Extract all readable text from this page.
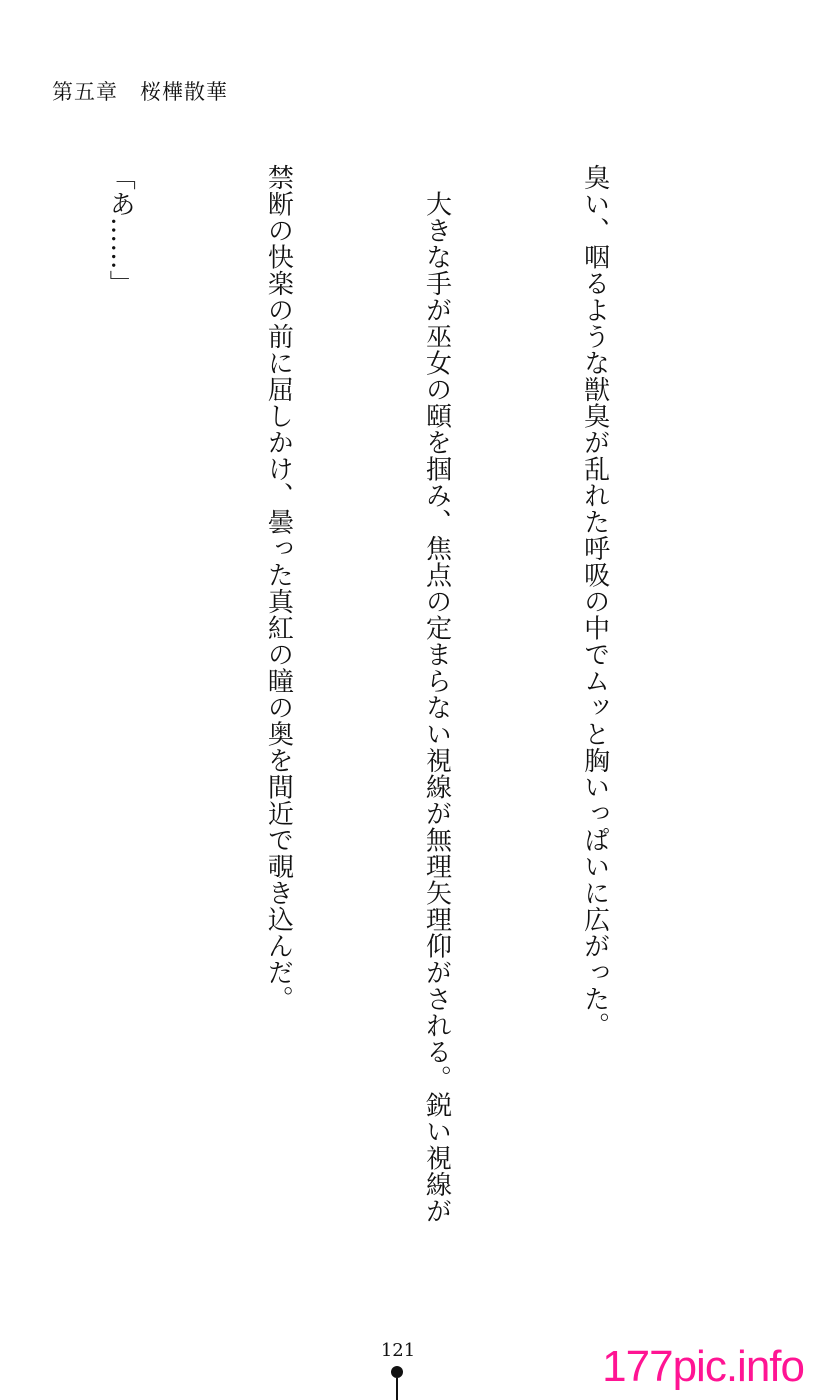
第五章　桜樺散華

臭い、咽るような獣臭が乱れた呼吸の中でムッと胸いっぱいに広がった。

　大きな手が巫女の頤を掴み、焦点の定まらない視線が無理矢理仰がされる。鋭い視線が

禁断の快楽の前に屈しかけ、曇った真紅の瞳の奥を間近で覗き込んだ。

「あ……」

121	177pic.info
